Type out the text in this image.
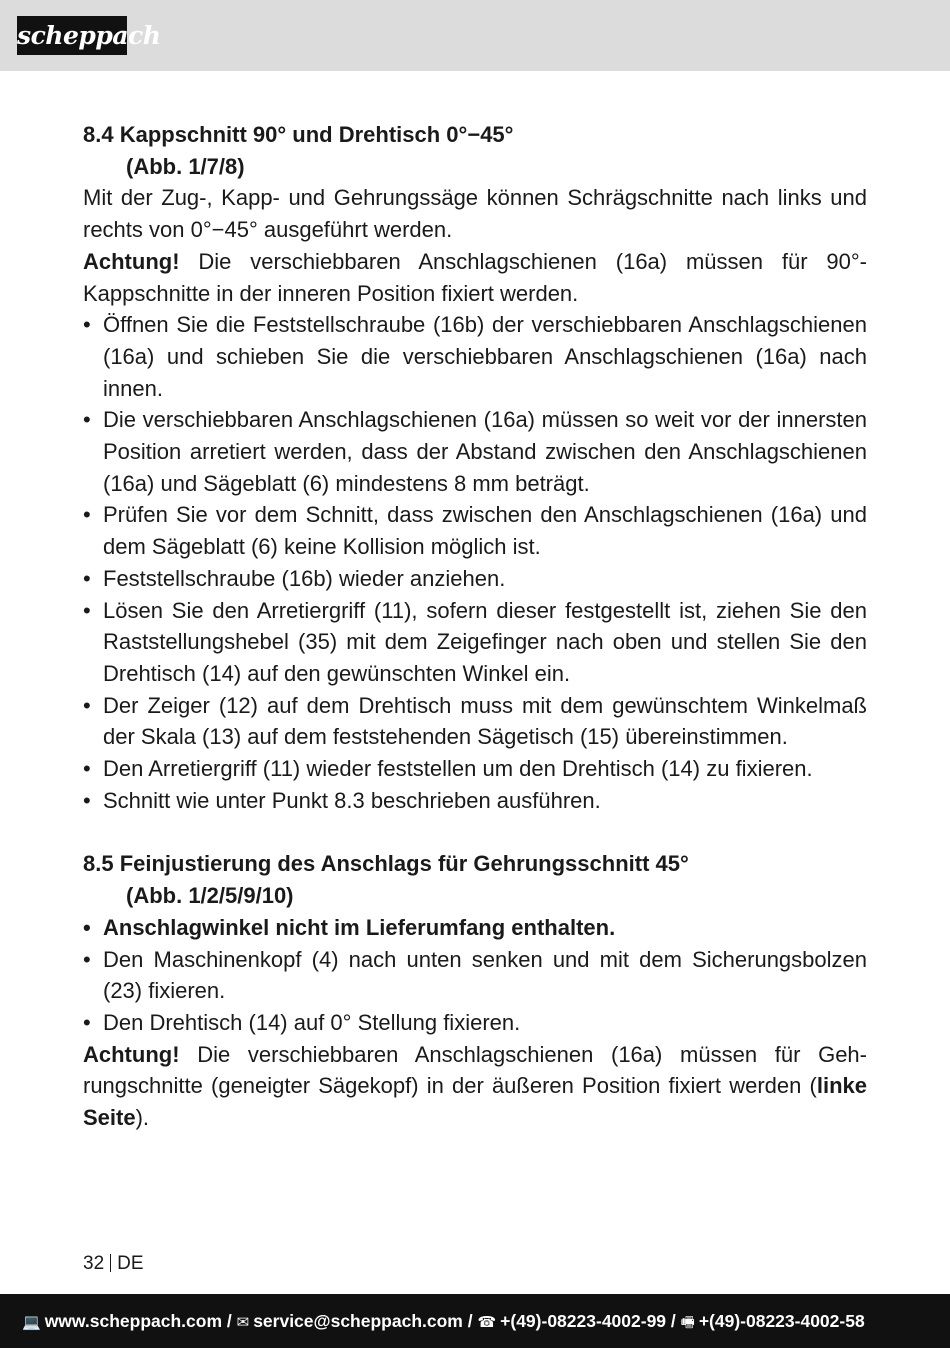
scheppach
8.4 Kappschnitt 90° und Drehtisch 0°−45°
(Abb. 1/7/8)

Mit der Zug-, Kapp- und Gehrungssäge können Schrägschnitte nach links und rechts von 0°−45° ausgeführt werden.

Achtung! Die verschiebbaren Anschlagschienen (16a) müssen für 90°-Kappschnitte in der inneren Position fixiert werden.

• Öffnen Sie die Feststellschraube (16b) der verschiebbaren Anschlagschienen (16a) und schieben Sie die verschiebbaren Anschlagschienen (16a) nach innen.
• Die verschiebbaren Anschlagschienen (16a) müssen so weit vor der innersten Position arretiert werden, dass der Abstand zwischen den Anschlagschienen (16a) und Sägeblatt (6) mindestens 8 mm beträgt.
• Prüfen Sie vor dem Schnitt, dass zwischen den Anschlagschienen (16a) und dem Sägeblatt (6) keine Kollision möglich ist.
• Feststellschraube (16b) wieder anziehen.
• Lösen Sie den Arretiergriff (11), sofern dieser festgestellt ist, ziehen Sie den Raststellungshebel (35) mit dem Zeigefinger nach oben und stellen Sie den Drehtisch (14) auf den gewünschten Winkel ein.
• Der Zeiger (12) auf dem Drehtisch muss mit dem gewünschtem Winkelmaß der Skala (13) auf dem feststehenden Sägetisch (15) übereinstimmen.
• Den Arretiergriff (11) wieder feststellen um den Drehtisch (14) zu fixieren.
• Schnitt wie unter Punkt 8.3 beschrieben ausführen.
8.5 Feinjustierung des Anschlags für Gehrungsschnitt 45°
(Abb. 1/2/5/9/10)
• Anschlagwinkel nicht im Lieferumfang enthalten.
• Den Maschinenkopf (4) nach unten senken und mit dem Sicherungsbolzen (23) fixieren.
• Den Drehtisch (14) auf 0° Stellung fixieren.

Achtung! Die verschiebbaren Anschlagschienen (16a) müssen für Gehrungschnitte (geneigter Sägekopf) in der äußeren Position fixiert werden (linke Seite).

32 DE
💻 www.scheppach.com / ✉ service@scheppach.com / ☎ +(49)-08223-4002-99 / 🖷 +(49)-08223-4002-58
